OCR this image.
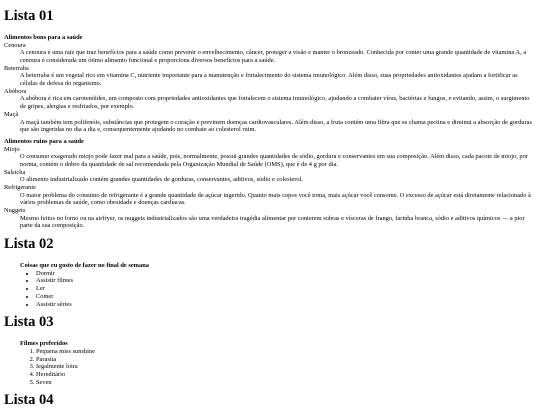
Lista 01

Alimentos bons para a saúde

Cenoura
A cenoura é uma raiz que traz benefícios para a saúde como prevenir o envelhecimento, câncer, proteger a visão e manter o bronzeado. Conhecida por conter uma grande quantidade de vitamina A, a cenoura é considerada um ótimo alimento funcional e proporciona diversos benefícios para a saúde.
Beterraba
A beterraba é um vegetal rico em vitamina C, nutriente importante para a manutenção e fortalecimento do sistema imunológico. Além disso, suas propriedades antioxidantes ajudam a fortificar as células de defesa do organismo.
Abóbora
A abóbora é rica em carotenóides, um composto com propriedades antioxidantes que fortalecem o sistema imunológico, ajudando a combater vírus, bactérias e fungos, e evitando, assim, o surgimento de gripes, alergias e resfriados, por exemplo.
Maçã
A maçã também tem polifenóis, substâncias que protegem o coração e previnem doenças cardiovasculares. Além disso, a fruta contém uma fibra que se chama pectina e diminui a absorção de gorduras que são ingeridas no dia a dia e, consequentemente ajudando no combate ao colesterol ruim.

Alimentos ruins para a saúde

Miojo
O consumo exagerado miojo pode fazer mal para a saúde, pois, normalmente, possui grandes quantidades de sódio, gordura e conservantes em sua composição. Além disso, cada pacote de miojo, por norma, contém o dobro da quantidade de sal recomendada pela Organização Mundial de Saúde (OMS), que é de 4 g por dia.
Salsicha
O alimento industrializado contém grandes quantidades de gorduras, conservantes, aditivos, sódio e colesterol.
Refrigerante
O maior problema do consumo de refrigerante é a grande quantidade de açúcar ingerido. Quanto mais copos você toma, mais açúcar você consome. O excesso de açúcar está diretamente relacionado à vários problemas de saúde, como obesidade e doenças cardíacas.
Nuggets
Mesmo feitos no forno ou na airfryer, os nuggets industrializados são uma verdadeira tragédia alimentar por conterem sobras e vísceras de frango, farinha branca, sódio e aditivos químicos — a pior parte da sua composição.
Lista 02

Coisas que eu gosto de fazer no final de semana

• Dormir
• Assistir filmes
• Ler
• Comer
• Assistir séries
Lista 03

Filmes preferidos

1. Pequena miss sunshine
2. Parasita
3. Iegalmente loira
4. Hereditário
5. Seven
Lista 04
